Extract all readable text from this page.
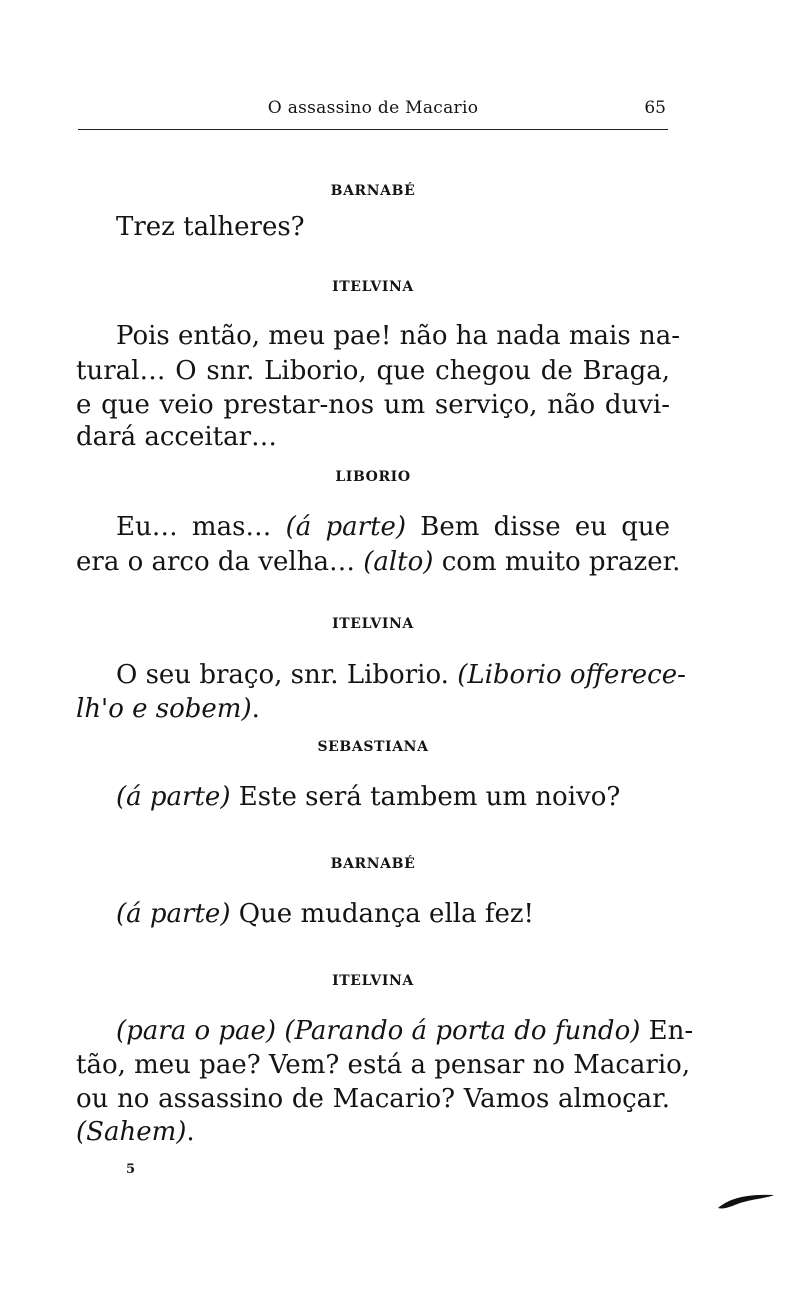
O assassino de Macario	65
BARNABÉ
Trez talheres?
ITELVINA
Pois então, meu pae! não ha nada mais na-
tural… O snr. Liborio, que chegou de Braga,
e que veio prestar-nos um serviço, não duvi-
dará acceitar…
LIBORIO
Eu… mas… (á parte) Bem disse eu que
era o arco da velha… (alto) com muito prazer.
ITELVINA
O seu braço, snr. Liborio. (Liborio offerece-
lh'o e sobem).
SEBASTIANA
(á parte) Este será tambem um noivo?
BARNABÉ
(á parte) Que mudança ella fez!
ITELVINA
(para o pae) (Parando á porta do fundo) En-
tão, meu pae? Vem? está a pensar no Macario,
ou no assassino de Macario? Vamos almoçar.
(Sahem).
5
